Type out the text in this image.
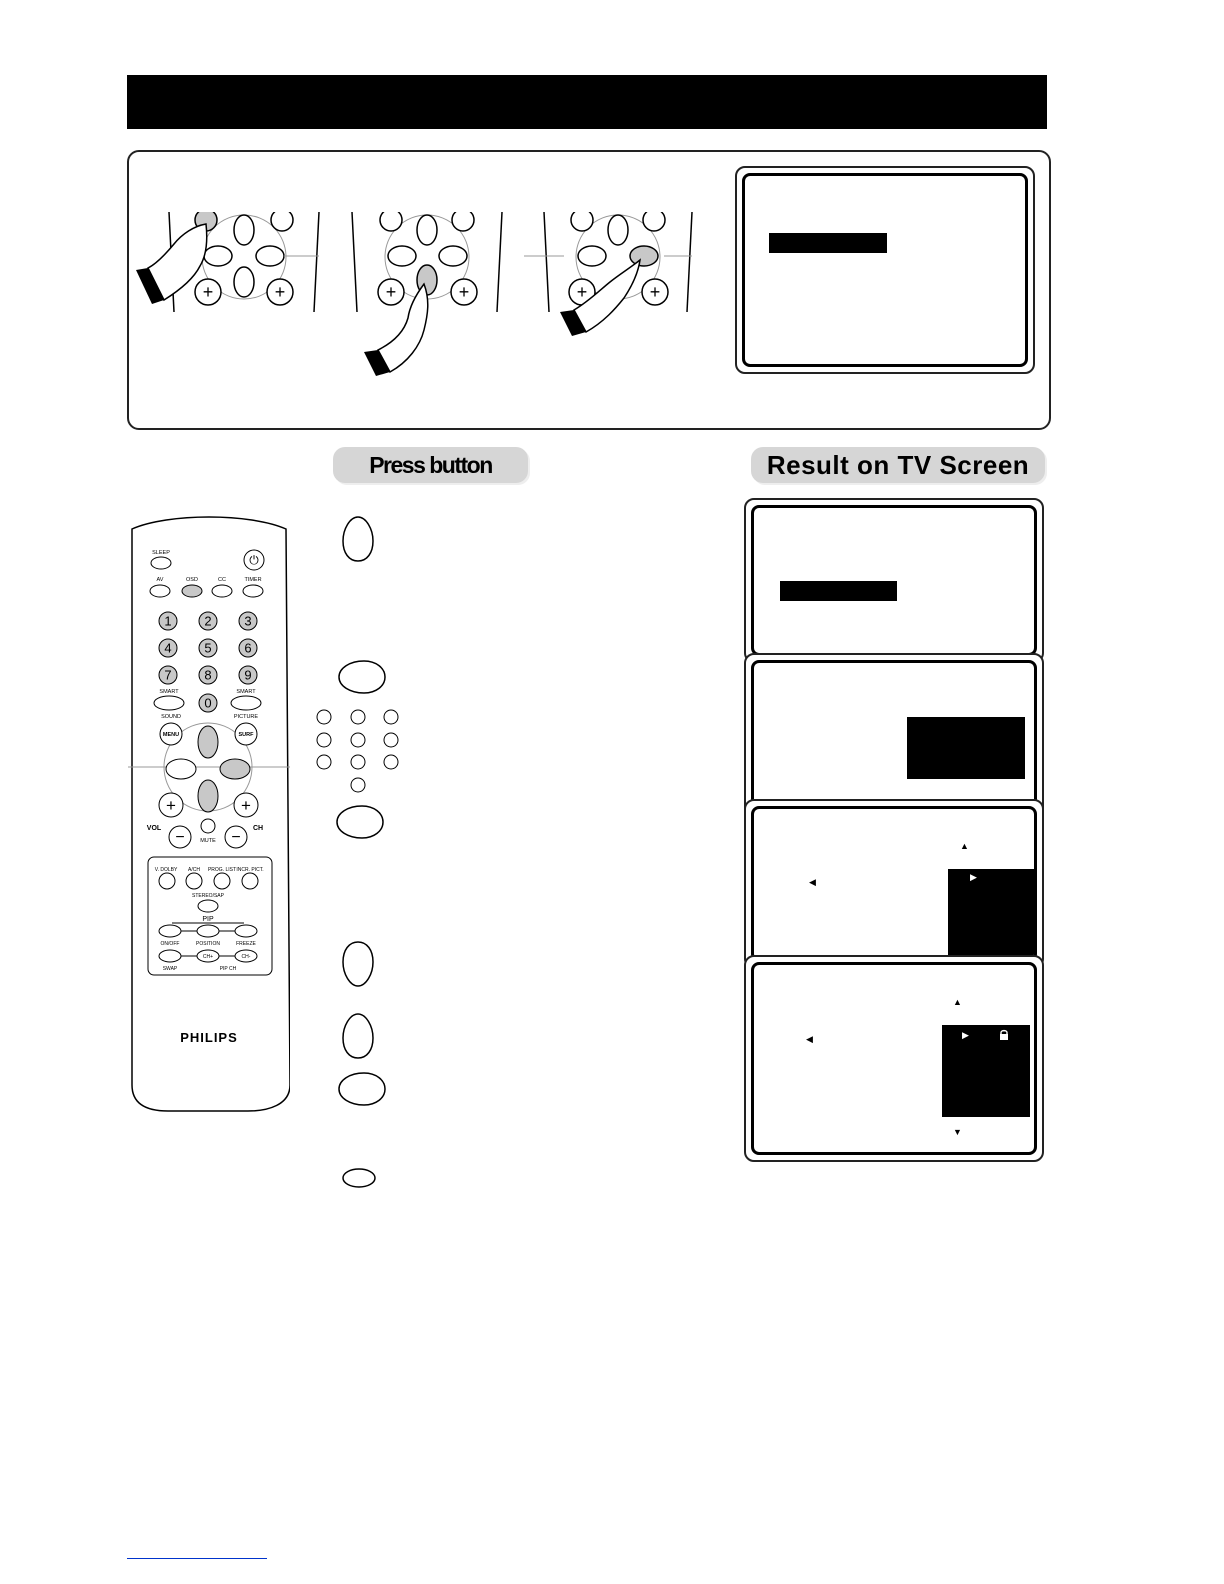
+	+	+	+	+	+
Press button	Result on TV Screen
SLEEP	⏻
AV	OSD	CC	TIMER
1	2	3
4	5	6
7	8	9
0
SMART	SMART
SOUND	PICTURE
MENU	SURF
+	+
−	−
VOL	CH
MUTE
V. DOLBY A/CH PROG. LIST INCR. PICT.
STEREO/SAP
PIP
ON/OFF	POSITION	FREEZE
CH+	CH-
SWAP	PIP CH
PHILIPS
▲
◀	▶
▲
◀	▶
▼
